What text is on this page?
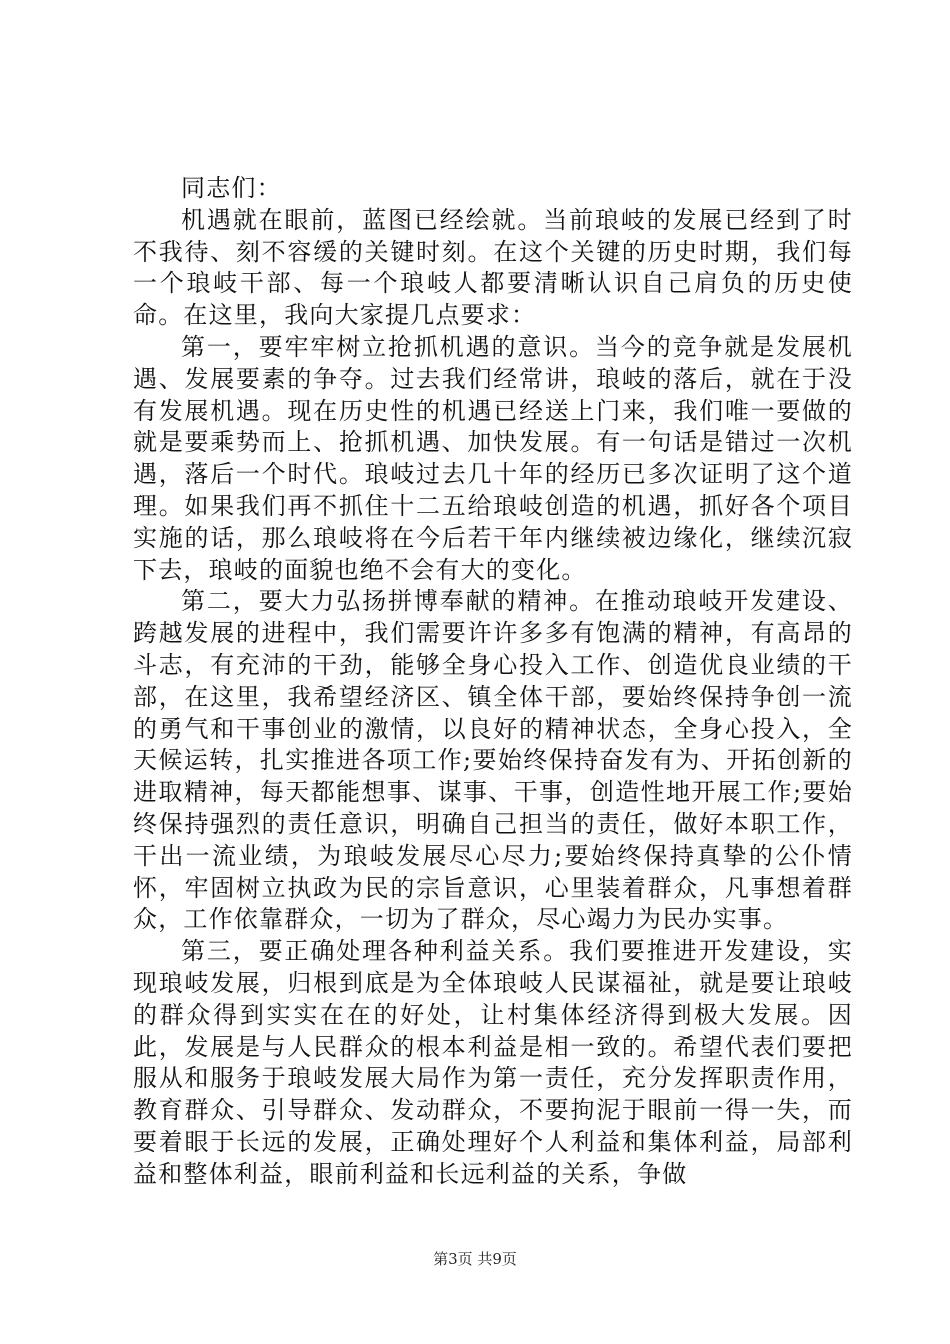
同志们：

机遇就在眼前，蓝图已经绘就。当前琅岐的发展已经到了时不我待、刻不容缓的关键时刻。在这个关键的历史时期，我们每一个琅岐干部、每一个琅岐人都要清晰认识自己肩负的历史使命。在这里，我向大家提几点要求：

第一，要牢牢树立抢抓机遇的意识。当今的竞争就是发展机遇、发展要素的争夺。过去我们经常讲，琅岐的落后，就在于没有发展机遇。现在历史性的机遇已经送上门来，我们唯一要做的就是要乘势而上、抢抓机遇、加快发展。有一句话是错过一次机遇，落后一个时代。琅岐过去几十年的经历已多次证明了这个道理。如果我们再不抓住十二五给琅岐创造的机遇，抓好各个项目实施的话，那么琅岐将在今后若干年内继续被边缘化，继续沉寂下去，琅岐的面貌也绝不会有大的变化。

第二，要大力弘扬拼博奉献的精神。在推动琅岐开发建设、跨越发展的进程中，我们需要许许多多有饱满的精神，有高昂的斗志，有充沛的干劲，能够全身心投入工作、创造优良业绩的干部，在这里，我希望经济区、镇全体干部，要始终保持争创一流的勇气和干事创业的激情，以良好的精神状态，全身心投入，全天候运转，扎实推进各项工作;要始终保持奋发有为、开拓创新的进取精神，每天都能想事、谋事、干事，创造性地开展工作;要始终保持强烈的责任意识，明确自己担当的责任，做好本职工作，干出一流业绩，为琅岐发展尽心尽力;要始终保持真挚的公仆情怀，牢固树立执政为民的宗旨意识，心里装着群众，凡事想着群众，工作依靠群众，一切为了群众，尽心竭力为民办实事。

第三，要正确处理各种利益关系。我们要推进开发建设，实现琅岐发展，归根到底是为全体琅岐人民谋福祉，就是要让琅岐的群众得到实实在在的好处，让村集体经济得到极大发展。因此，发展是与人民群众的根本利益是相一致的。希望代表们要把服从和服务于琅岐发展大局作为第一责任，充分发挥职责作用，教育群众、引导群众、发动群众，不要拘泥于眼前一得一失，而要着眼于长远的发展，正确处理好个人利益和集体利益，局部利益和整体利益，眼前利益和长远利益的关系，争做

第3页 共9页
